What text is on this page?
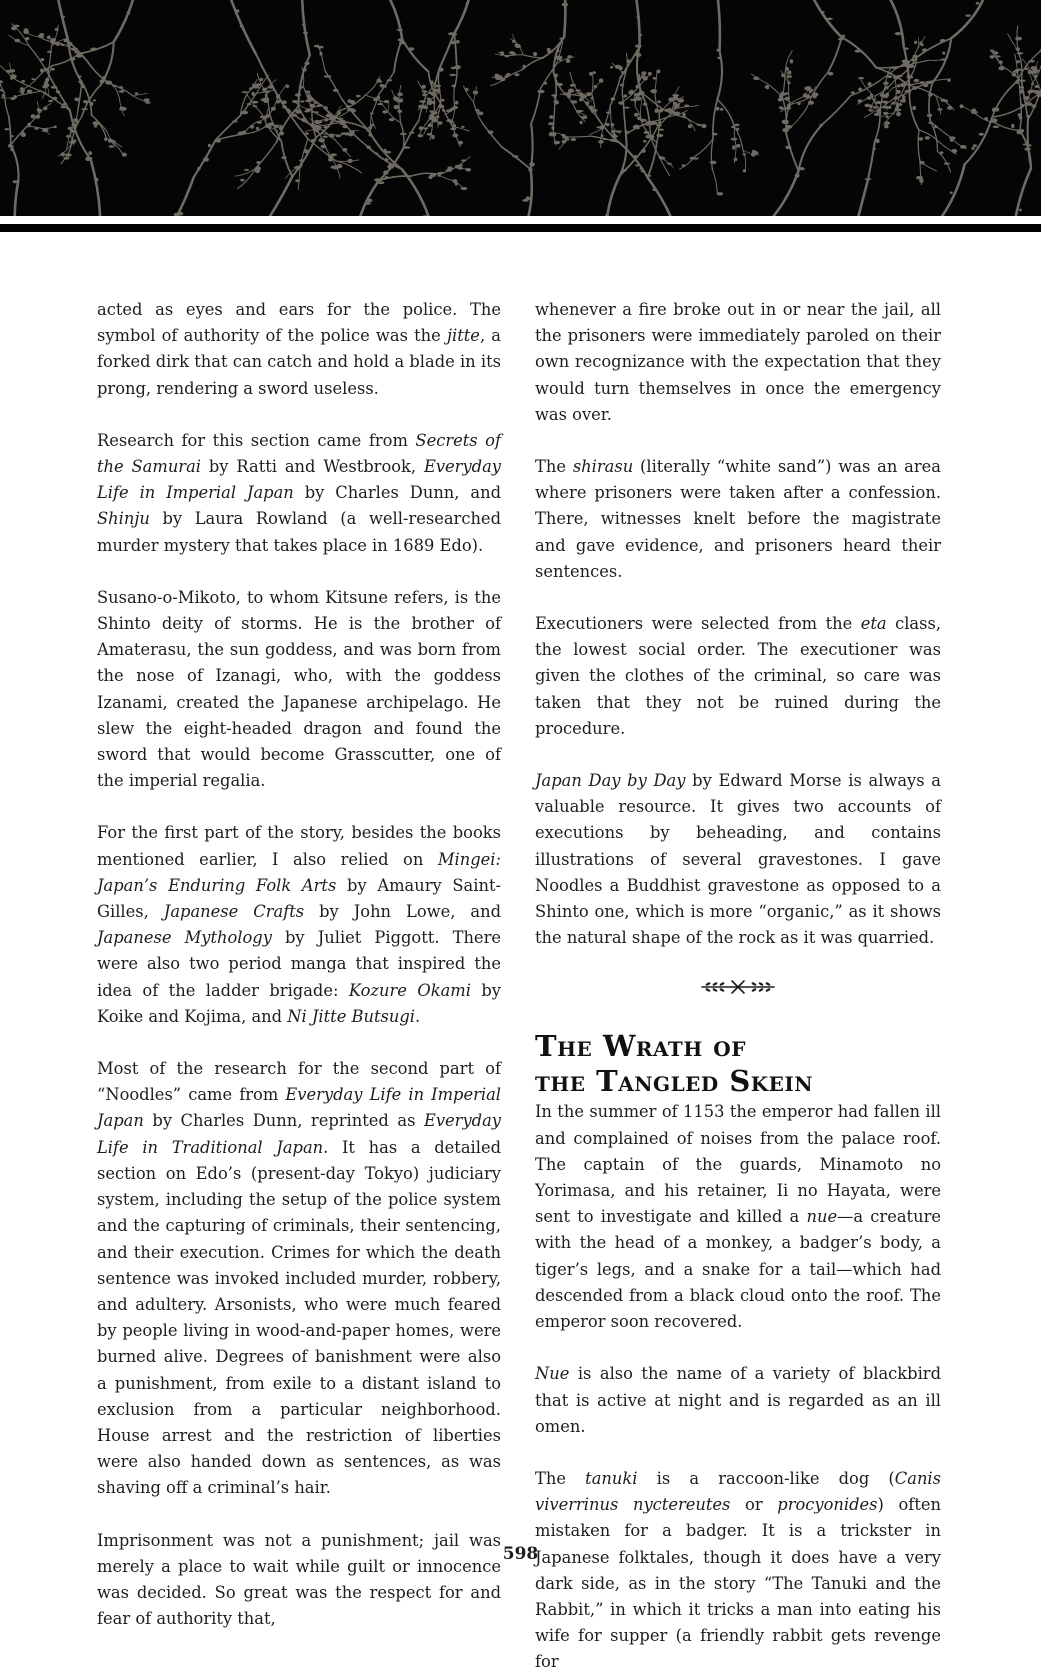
acted as eyes and ears for the police. The symbol of authority of the police was the jitte, a forked dirk that can catch and hold a blade in its prong, rendering a sword useless.

Research for this section came from Secrets of the Samurai by Ratti and Westbrook, Everyday Life in Imperial Japan by Charles Dunn, and Shinju by Laura Rowland (a well-researched murder mystery that takes place in 1689 Edo).

Susano-o-Mikoto, to whom Kitsune refers, is the Shinto deity of storms. He is the brother of Amaterasu, the sun goddess, and was born from the nose of Izanagi, who, with the goddess Izanami, created the Japanese archipelago. He slew the eight-headed dragon and found the sword that would become Grasscutter, one of the imperial regalia.

For the first part of the story, besides the books mentioned earlier, I also relied on Mingei: Japan’s Enduring Folk Arts by Amaury Saint-Gilles, Japanese Crafts by John Lowe, and Japanese Mythology by Juliet Piggott. There were also two period manga that inspired the idea of the ladder brigade: Kozure Okami by Koike and Kojima, and Ni Jitte Butsugi.

Most of the research for the second part of “Noodles” came from Everyday Life in Imperial Japan by Charles Dunn, reprinted as Everyday Life in Traditional Japan. It has a detailed section on Edo’s (present-day Tokyo) judiciary system, including the setup of the police system and the capturing of criminals, their sentencing, and their execution. Crimes for which the death sentence was invoked included murder, robbery, and adultery. Arsonists, who were much feared by people living in wood-and-paper homes, were burned alive. Degrees of banishment were also a punishment, from exile to a distant island to exclusion from a particular neighborhood. House arrest and the restriction of liberties were also handed down as sentences, as was shaving off a criminal’s hair.

Imprisonment was not a punishment; jail was merely a place to wait while guilt or innocence was decided. So great was the respect for and fear of authority that,

whenever a fire broke out in or near the jail, all the prisoners were immediately paroled on their own recognizance with the expectation that they would turn themselves in once the emergency was over.

The shirasu (literally “white sand”) was an area where prisoners were taken after a confession. There, witnesses knelt before the magistrate and gave evidence, and prisoners heard their sentences.

Executioners were selected from the eta class, the lowest social order. The executioner was given the clothes of the criminal, so care was taken that they not be ruined during the procedure.

Japan Day by Day by Edward Morse is always a valuable resource. It gives two accounts of executions by beheading, and contains illustrations of several gravestones. I gave Noodles a Buddhist gravestone as opposed to a Shinto one, which is more “organic,” as it shows the natural shape of the rock as it was quarried.

The Wrath of
the Tangled Skein

In the summer of 1153 the emperor had fallen ill and complained of noises from the palace roof. The captain of the guards, Minamoto no Yorimasa, and his retainer, Ii no Hayata, were sent to investigate and killed a nue—a creature with the head of a monkey, a badger’s body, a tiger’s legs, and a snake for a tail—which had descended from a black cloud onto the roof. The emperor soon recovered.

Nue is also the name of a variety of blackbird that is active at night and is regarded as an ill omen.

The tanuki is a raccoon-like dog (Canis viverrinus nyctereutes or procyonides) often mistaken for a badger. It is a trickster in Japanese folktales, though it does have a very dark side, as in the story “The Tanuki and the Rabbit,” in which it tricks a man into eating his wife for supper (a friendly rabbit gets revenge for

598
